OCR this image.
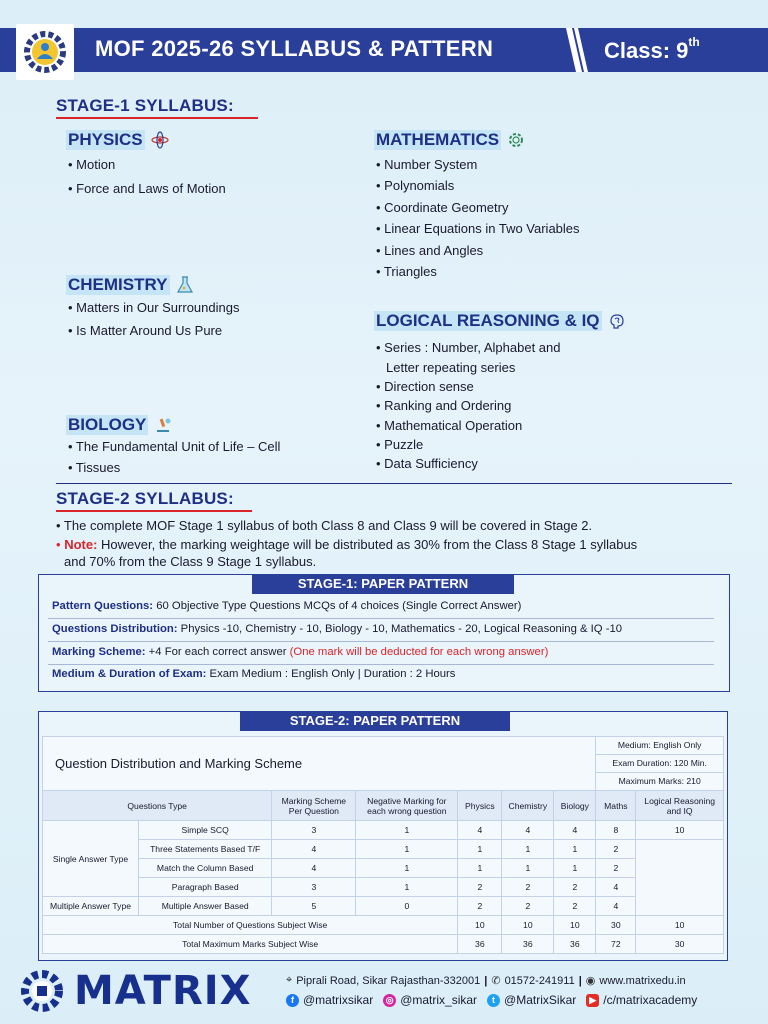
MOF 2025-26 SYLLABUS & PATTERN	Class: 9th
STAGE-1 SYLLABUS:
PHYSICS
• Motion
• Force and Laws of Motion
CHEMISTRY
• Matters in Our Surroundings
• Is Matter Around Us Pure
BIOLOGY
• The Fundamental Unit of Life – Cell
• Tissues
MATHEMATICS
• Number System
• Polynomials
• Coordinate Geometry
• Linear Equations in Two Variables
• Lines and Angles
• Triangles
LOGICAL REASONING & IQ
• Series : Number, Alphabet and
Letter repeating series
• Direction sense
• Ranking and Ordering
• Mathematical Operation
• Puzzle
• Data Sufficiency
STAGE-2 SYLLABUS:
• The complete MOF Stage 1 syllabus of both Class 8 and Class 9 will be covered in Stage 2.
• Note: However, the marking weightage will be distributed as 30% from the Class 8 Stage 1 syllabus
and 70% from the Class 9 Stage 1 syllabus.
STAGE-1: PAPER PATTERN
Pattern Questions: 60 Objective Type Questions MCQs of 4 choices (Single Correct Answer)
Questions Distribution: Physics -10, Chemistry - 10, Biology - 10, Mathematics - 20, Logical Reasoning & IQ -10
Marking Scheme: +4 For each correct answer (One mark will be deducted for each wrong answer)
Medium & Duration of Exam: Exam Medium : English Only | Duration : 2 Hours
STAGE-2: PAPER PATTERN
Question Distribution and Marking Scheme							Medium: English Only
Exam Duration: 120 Min.
Maximum Marks: 210	

Questions Type		Marking Scheme Per Question	Negative Marking for each wrong question	Physics	Chemistry	Biology	Maths	Logical Reasoning and IQ
Single Answer Type	Simple SCQ	3	1	4	4	4	8	10
	Three Statements Based T/F	4	1	1	1	1	2	
	Match the Column Based	4	1	1	1	1	2	
	Paragraph Based	3	1	2	2	2	4	
Multiple Answer Type	Multiple Answer Based	5	0	2	2	2	4	
Total Number of Questions Subject Wise				10	10	10	30	10
Total Maximum Marks Subject Wise				36	36	36	72	30
MATRIX	⌖ Piprali Road, Sikar Rajasthan-332001 | ✆ 01572-241911 | ◉ www.matrixedu.in
f @matrixsikar ◎ @matrix_sikar	t @MatrixSikar	▶ /c/matrixacademy
